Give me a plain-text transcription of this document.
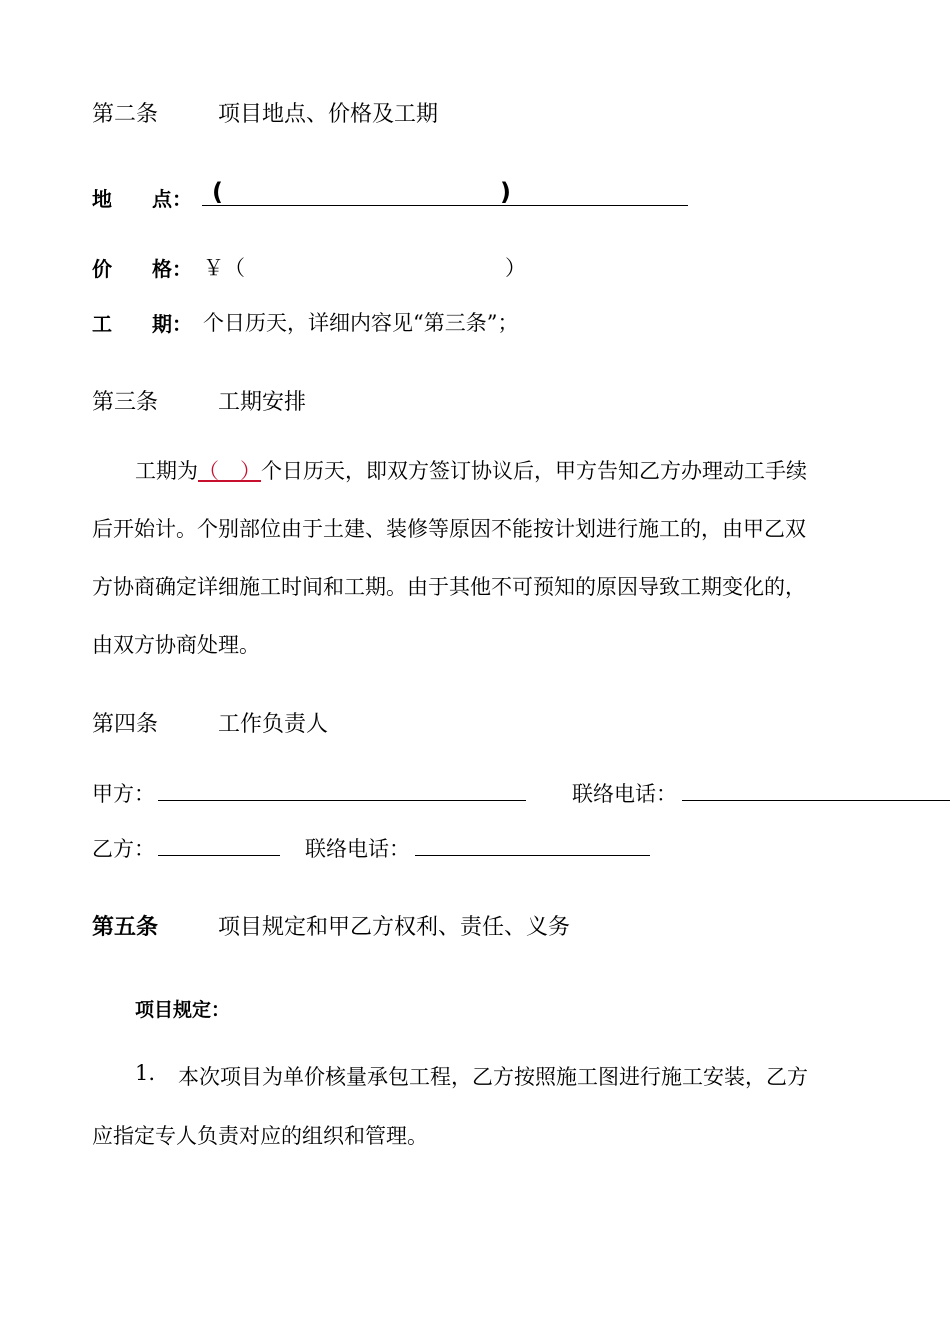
第二条	项目地点、价格及工期
地　　点： (	)
价　　格： ￥（	）
工　　期： 个日历天，详细内容见“第三条”；
第三条	工期安排
工期为（　）个日历天，即双方签订协议后，甲方告知乙方办理动工手续
后开始计。个别部位由于土建、装修等原因不能按计划进行施工的，由甲乙双
方协商确定详细施工时间和工期。由于其他不可预知的原因导致工期变化的，
由双方协商处理。
第四条	工作负责人
甲方：	联络电话：
乙方：	联络电话：
第五条	项目规定和甲乙方权利、责任、义务
项目规定：
1. 本次项目为单价核量承包工程，乙方按照施工图进行施工安装，乙方
应指定专人负责对应的组织和管理。
